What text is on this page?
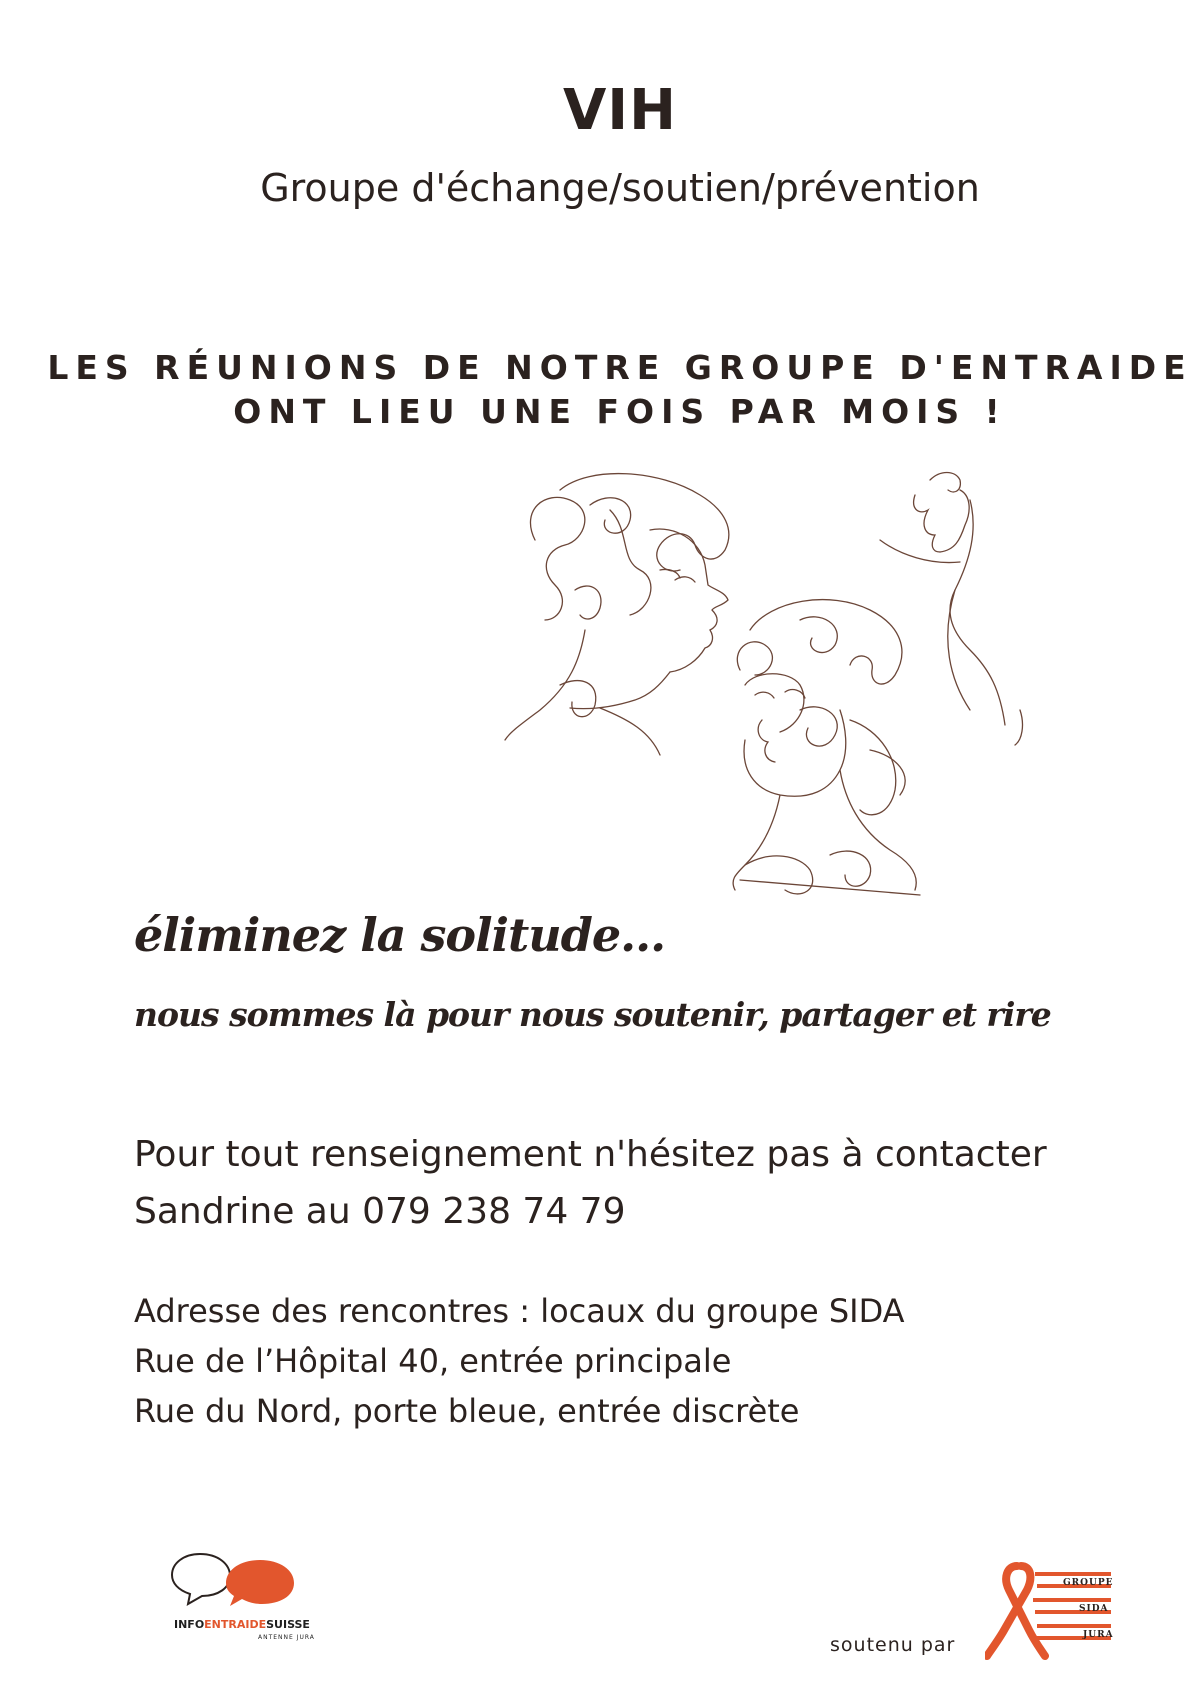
VIH
Groupe d'échange/soutien/prévention
LES RÉUNIONS DE NOTRE GROUPE D'ENTRAIDE
ONT LIEU UNE FOIS PAR MOIS !
éliminez la solitude...
nous sommes là pour nous soutenir, partager et rire
Pour tout renseignement n'hésitez pas à contacter
Sandrine au 079 238 74 79
Adresse des rencontres : locaux du groupe SIDA
Rue de l’Hôpital 40, entrée principale
Rue du Nord, porte bleue, entrée discrète
INFOENTRAIDESUISSE
ANTENNE JURA	soutenu par
GROUPE
SIDA
JURA
